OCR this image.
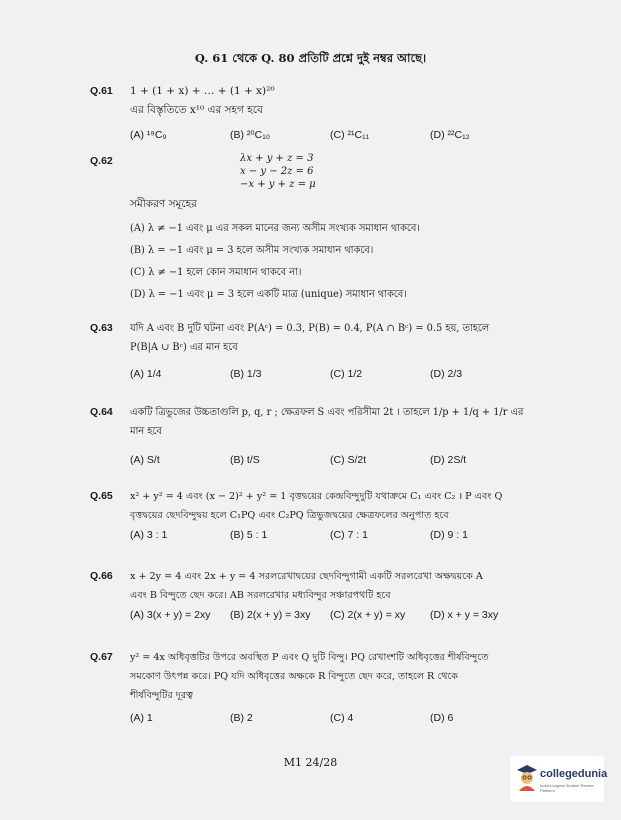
Q. 61 থেকে Q. 80 প্রতিটি প্রশ্নে দুই নম্বর আছে।
Q.61 1 + (1 + x) + … + (1 + x)²⁰
এর বিস্তৃতিতে x¹⁰ এর সহগ হবে
(A) ¹⁹C₉	(B) ²⁰C₁₀	(C) ²¹C₁₁	(D) ²²C₁₂
Q.62	λx + y + z = 3
x − y − 2z = 6
−x + y + z = μ
সমীকরণ সমূহের
(A) λ ≠ −1 এবং μ এর সকল মানের জন্য অসীম সংখ্যক সমাধান থাকবে।
(B) λ = −1 এবং μ = 3 হলে অসীম সংখ্যক সমাধান থাকবে।
(C) λ ≠ −1 হলে কোন সমাধান থাকবে না।
(D) λ = −1 এবং μ = 3 হলে একটি মাত্র (unique) সমাধান থাকবে।
Q.63 যদি A এবং B দুটি ঘটনা এবং P(Aᶜ) = 0.3, P(B) = 0.4, P(A ∩ Bᶜ) = 0.5 হয়, তাহলে
P(B|A ∪ Bᶜ) এর মান হবে
(A) 1/4	(B) 1/3	(C) 1/2	(D) 2/3
Q.64 একটি ত্রিভুজের উচ্চতাগুলি p, q, r ; ক্ষেত্রফল S এবং পরিসীমা 2t । তাহলে 1/p + 1/q + 1/r এর
মান হবে
(A) S/t	(B) t/S	(C) S/2t	(D) 2S/t
Q.65 x² + y² = 4 এবং (x − 2)² + y² = 1 বৃত্তদ্বয়ের কেন্দ্রবিন্দুদুটি যথাক্রমে C₁ এবং C₂ । P এবং Q
বৃত্তদ্বয়ের ছেদবিন্দুদ্বয় হলে C₁PQ এবং C₂PQ ত্রিভুজদ্বয়ের ক্ষেত্রফলের অনুপাত হবে
(A) 3 : 1	(B) 5 : 1	(C) 7 : 1	(D) 9 : 1
Q.66 x + 2y = 4 এবং 2x + y = 4 সরলরেখাদ্বয়ের ছেদবিন্দুগামী একটি সরলরেখা অক্ষদ্বয়কে A
এবং B বিন্দুতে ছেদ করে। AB সরলরেখার মধ্যবিন্দুর সঞ্চারপথটি হবে
(A) 3(x + y) = 2xy (B) 2(x + y) = 3xy (C) 2(x + y) = xy (D) x + y = 3xy
Q.67 y² = 4x অধিবৃত্তটির উপরে অবস্থিত P এবং Q দুটি বিন্দু। PQ রেখাংশটি অধিবৃত্তের শীর্ষবিন্দুতে
সমকোণ উৎপন্ন করে। PQ যদি অধিবৃত্তের অক্ষকে R বিন্দুতে ছেদ করে, তাহলে R থেকে
শীর্ষবিন্দুটির দূরত্ব
(A) 1	(B) 2	(C) 4	(D) 6
M1 24/28
collegedunia
India's largest Student Review Platform
